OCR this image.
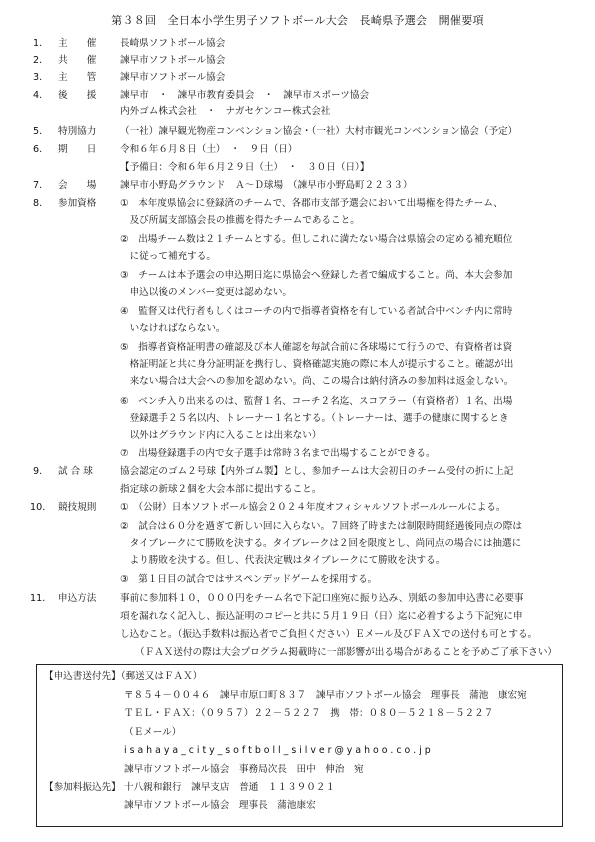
第３８回　全日本小学生男子ソフトボール大会　長崎県予選会　開催要項
1. 主　　催 長崎県ソフトボール協会
2. 共　　催 諫早市ソフトボール協会
3. 主　　管 諫早市ソフトボール協会
4. 後　　援 諫早市　・　諫早市教育委員会　・　諫早市スポーツ協会
内外ゴム株式会社　・　ナガセケンコー株式会社
5. 特別協力 （一社）諫早観光物産コンベンション協会・（一社）大村市観光コンベンション協会（予定）
6. 期　　日 令和６年６月８日（土）　・　９日（日）
【予備日：令和６年６月２９日（土）　・　３０日（日）】
7. 会　　場 諫早市小野島グラウンド　Ａ～Ｄ球場　（諫早市小野島町２２３３）
8. 参加資格 ①　本年度県協会に登録済のチームで、各郡市支部予選会において出場権を得たチーム、
　及び所属支部協会長の推薦を得たチームであること。
②　出場チーム数は２１チームとする。但しこれに満たない場合は県協会の定める補充順位
　に従って補充する。
③　チームは本予選会の申込期日迄に県協会へ登録した者で編成すること。尚、本大会参加
　申込以後のメンバー変更は認めない。
④　監督又は代行者もしくはコーチの内で指導者資格を有している者試合中ベンチ内に常時
　いなければならない。
⑤　指導者資格証明書の確認及び本人確認を毎試合前に各球場にて行うので、有資格者は資
　格証明証と共に身分証明証を携行し、資格確認実施の際に本人が提示すること。確認が出
　来ない場合は大会への参加を認めない。尚、この場合は納付済みの参加料は返金しない。
⑥　ベンチ入り出来るのは、監督１名、コーチ２名迄、スコアラー（有資格者）１名、出場
　登録選手２５名以内、トレーナー１名とする。（トレーナーは、選手の健康に関するとき
　以外はグラウンド内に入ることは出来ない）
⑦　出場登録選手の内で女子選手は常時３名まで出場することができる。
9. 試 合 球	協会認定のゴム２号球【内外ゴム製】とし、参加チームは大会初日のチーム受付の折に上記
指定球の新球２個を大会本部に提出すること。
10. 競技規則 ①　（公財）日本ソフトボール協会２０２４年度オフィシャルソフトボールルールによる。
②　試合は６０分を過ぎて新しい回に入らない。７回終了時または制限時間経過後同点の際は
　タイブレークにて勝敗を決する。タイブレークは２回を限度とし、尚同点の場合には抽選に
　より勝敗を決する。但し、代表決定戦はタイブレークにて勝敗を決する。
③　第１日目の試合ではサスペンデッドゲームを採用する。
11. 申込方法 事前に参加料１０，０００円をチーム名で下記口座宛に振り込み、別紙の参加申込書に必要事
項を漏れなく記入し、振込証明のコピーと共に５月１９日（日）迄に必着するよう下記宛に申
し込むこと。（振込手数料は振込者でご負担ください）Ｅメール及びＦＡＸでの送付も可とする。
（ＦＡＸ送付の際は大会プログラム掲載時に一部影響が出る場合があることを予めご了承下さい）
【申込書送付先】（郵送又はＦＡＸ）
〒８５４－００４６　諫早市原口町８３７　諫早市ソフトボール協会　理事長　蒲池　康宏宛
ＴＥＬ・ＦＡＸ：（０９５７）２２－５２２７　携　帯：０８０－５２１８－５２２７
（Ｅメール）
i s a h a y a _ c i t y _ s o f t b o l l _ s i l v e r @ y a h o o . c o . j p
諫早市ソフトボール協会　事務局次長　田中　伸治　宛
【参加料振込先】 十八親和銀行　諫早支店　普通　１１３９０２１
諫早市ソフトボール協会　理事長　蒲池康宏
